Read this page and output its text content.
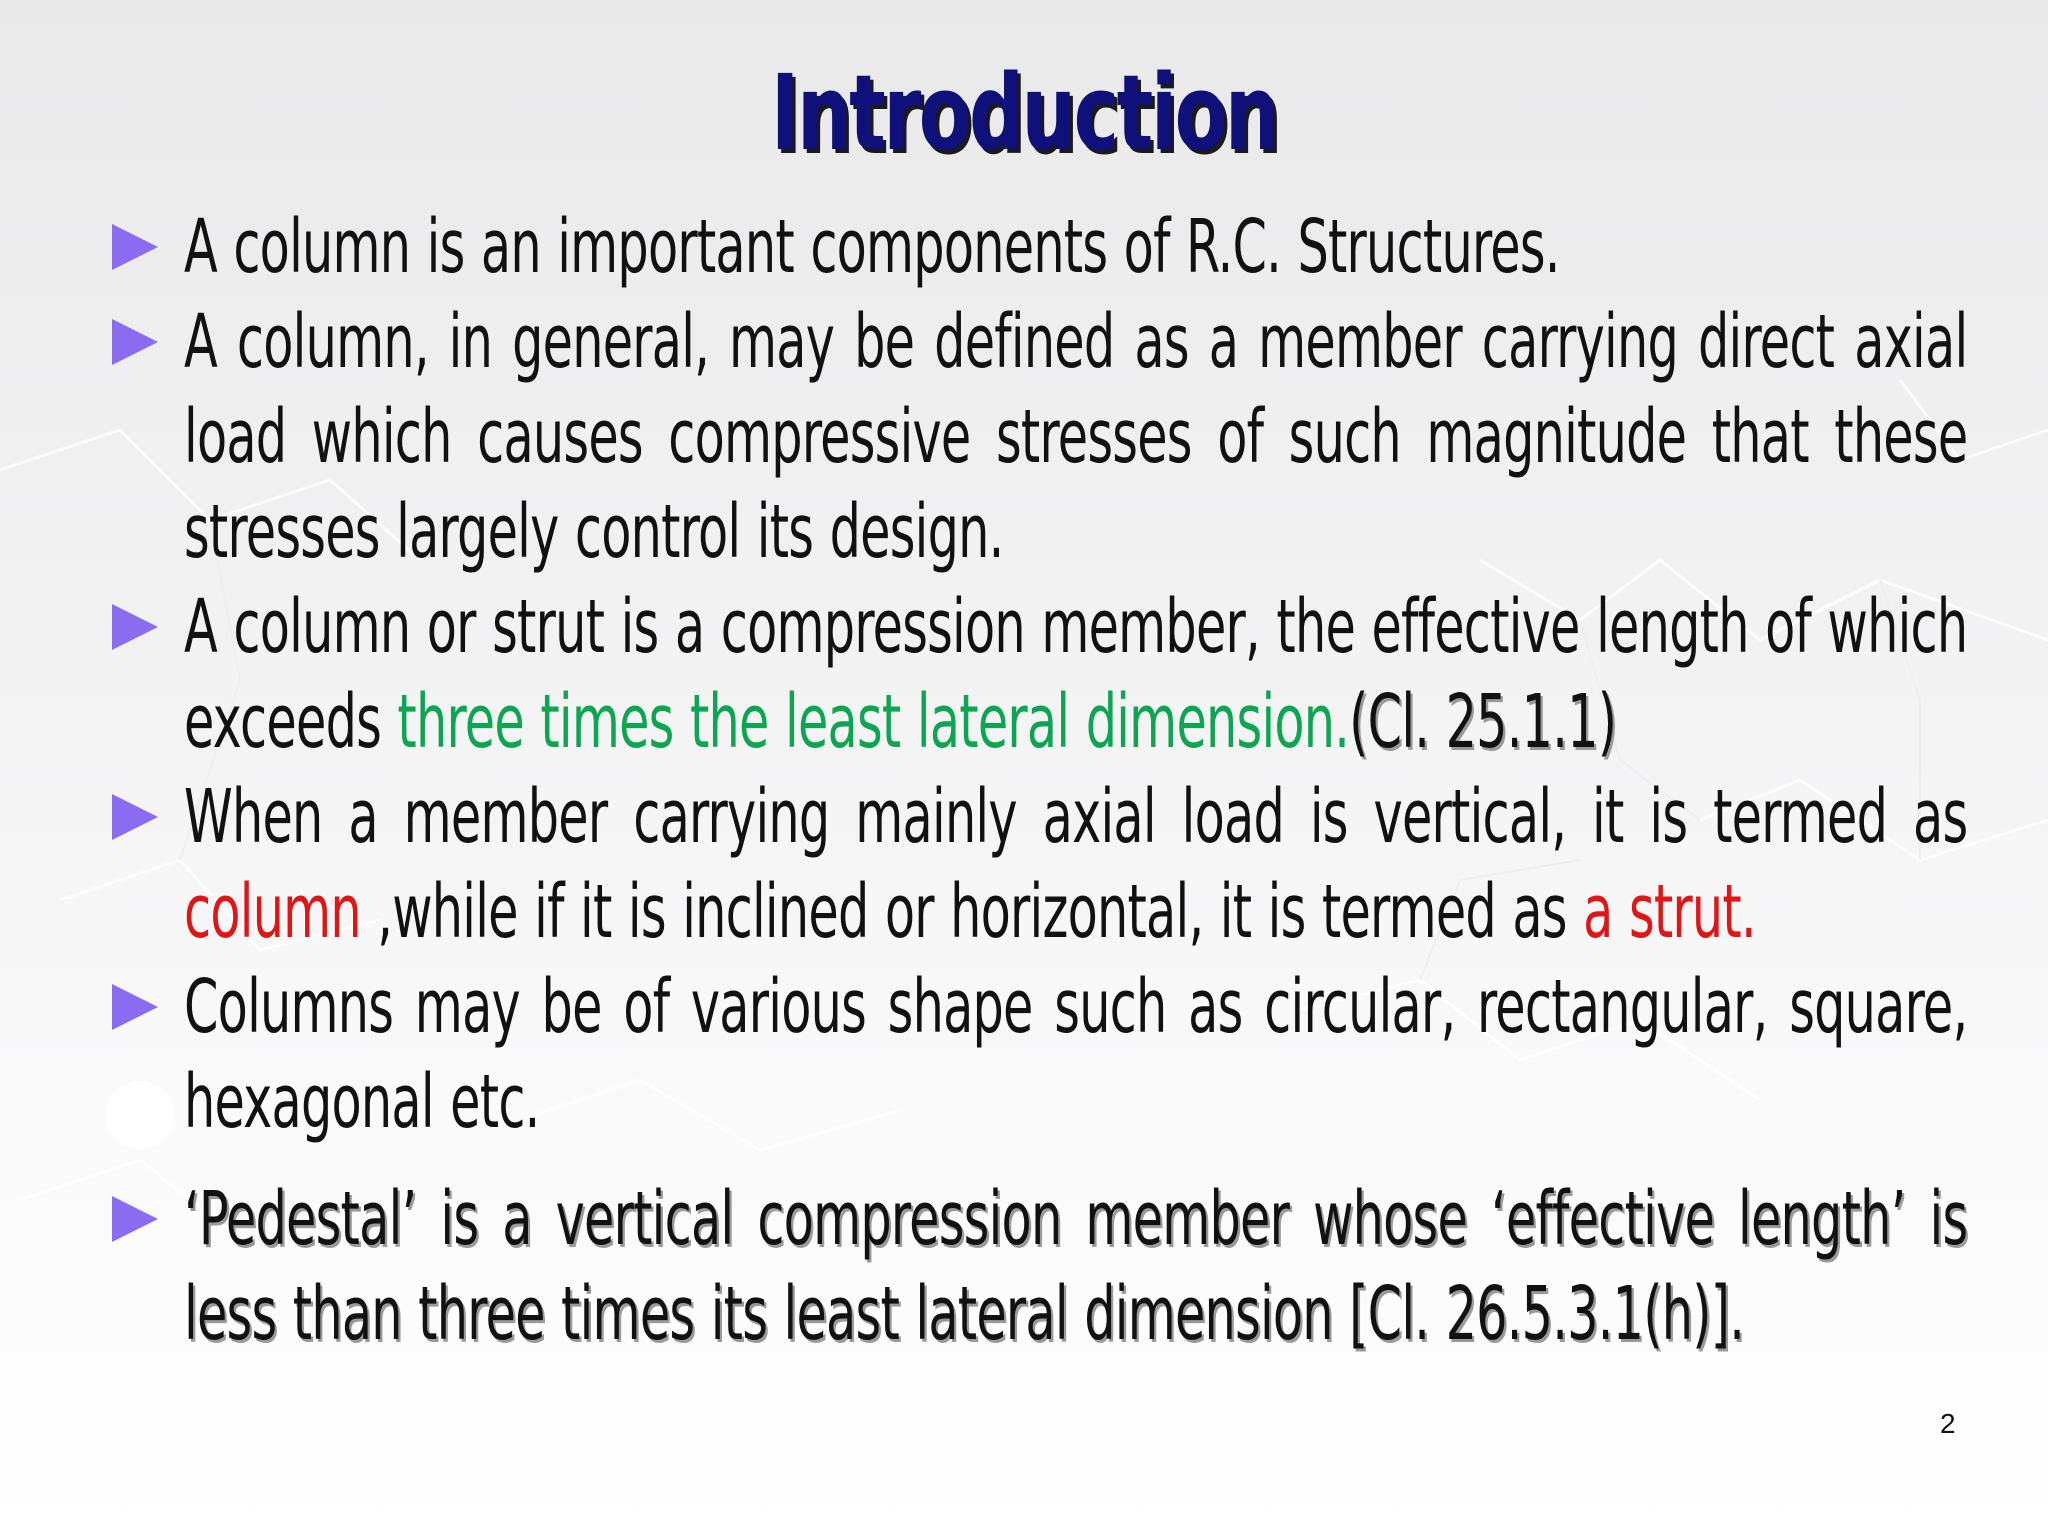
Introduction
A column is an important components of R.C. Structures.
A column, in general, may be defined as a member carrying direct axial load which causes compressive stresses of such magnitude that these stresses largely control its design.
A column or strut is a compression member, the effective length of which exceeds three times the least lateral dimension.(Cl. 25.1.1)
When a member carrying mainly axial load is vertical, it is termed as column ,while if it is inclined or horizontal, it is termed as a strut.
Columns may be of various shape such as circular, rectangular, square, hexagonal etc.
‘Pedestal’ is a vertical compression member whose ‘effective length’ is less than three times its least lateral dimension [Cl. 26.5.3.1(h)].
2
